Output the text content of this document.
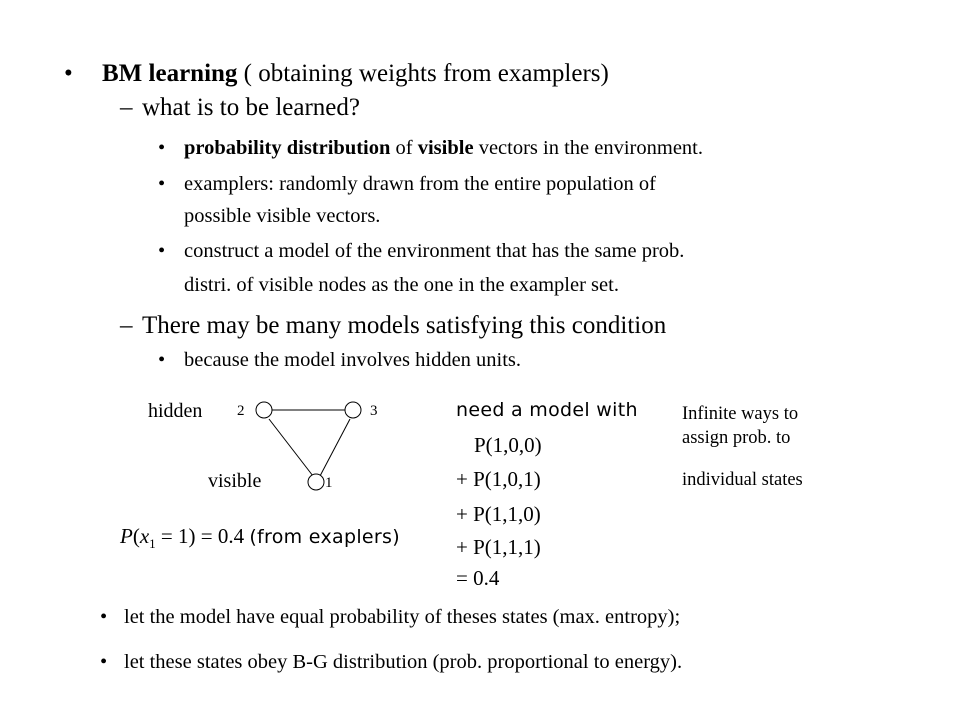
• BM learning ( obtaining weights from examplers)
– what is to be learned?
• probability distribution of visible vectors in the environment.
• examplers: randomly drawn from the entire population of
possible visible vectors.
• construct a model of the environment that has the same prob.
distri. of visible nodes as the one in the exampler set.
– There may be many models satisfying this condition
• because the model involves hidden units.
hidden 2	3
visible	1
$P(x_1 = 1) = 0.4$ (from exaplers)
need a model with
P(1,0,0)
+ P(1,0,1)
+ P(1,1,0)
+ P(1,1,1)
= 0.4
Infinite ways to
assign prob. to
individual states
• let the model have equal probability of theses states (max. entropy);
• let these states obey B-G distribution (prob. proportional to energy).
